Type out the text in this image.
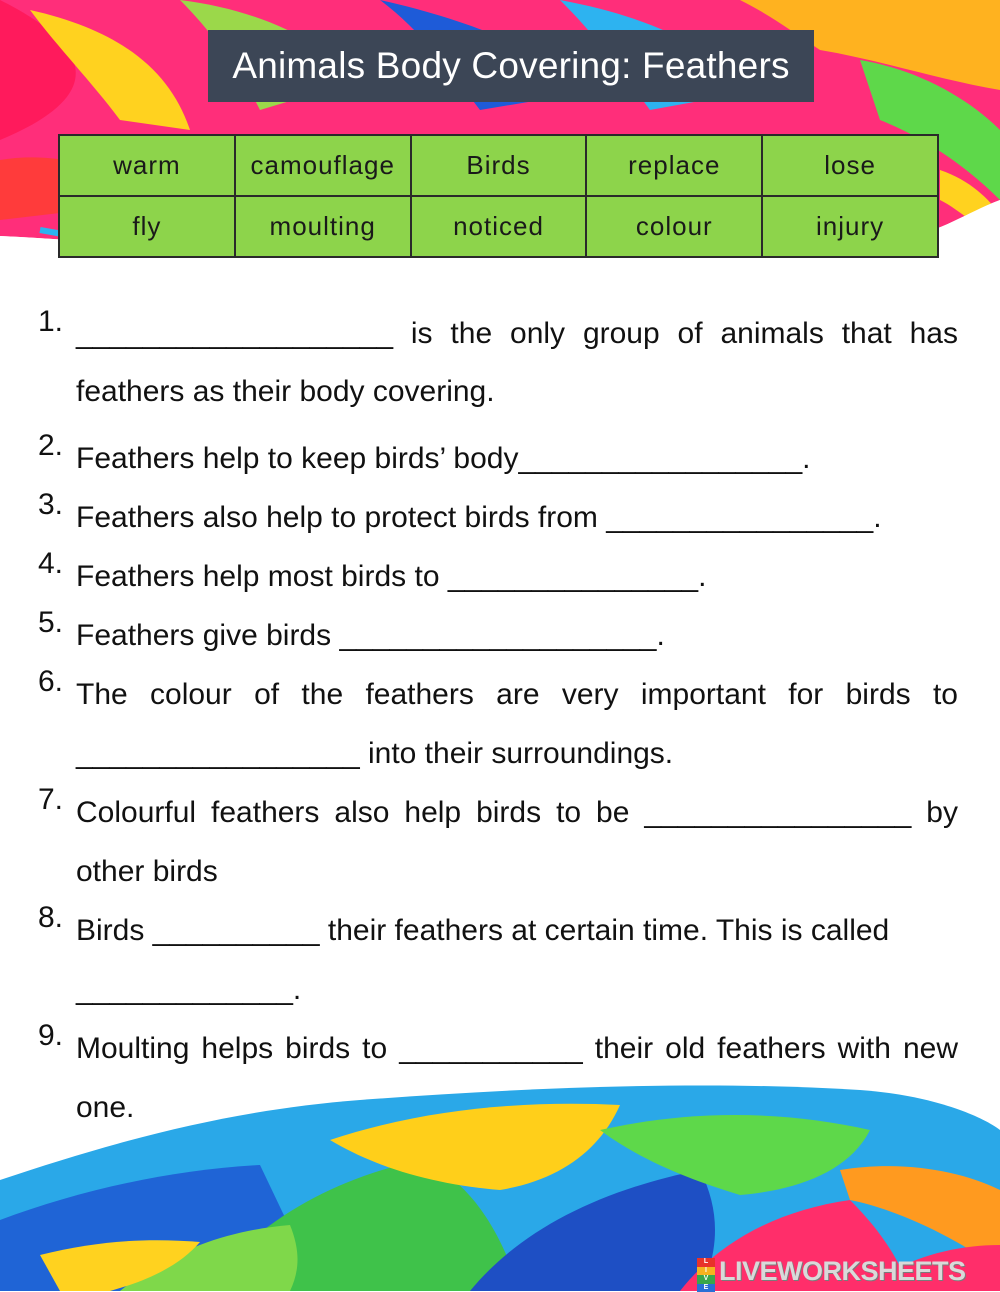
Animals Body Covering: Feathers
warm	camouflage	Birds	replace	lose
fly	moulting	noticed	colour	injury
1. ___________________ is the only group of animals that has feathers as their body covering.
2. Feathers help to keep birds’ body_________________.
3. Feathers also help to protect birds from ________________.
4. Feathers help most birds to _______________.
5. Feathers give birds ___________________.
6. The colour of the feathers are very important for birds to _________________ into their surroundings.
7. Colourful feathers also help birds to be ________________ by other birds
8. Birds __________ their feathers at certain time. This is called
_____________.
9. Moulting helps birds to ___________ their old feathers with new one.
L
I
V
E
LIVEWORKSHEETS
